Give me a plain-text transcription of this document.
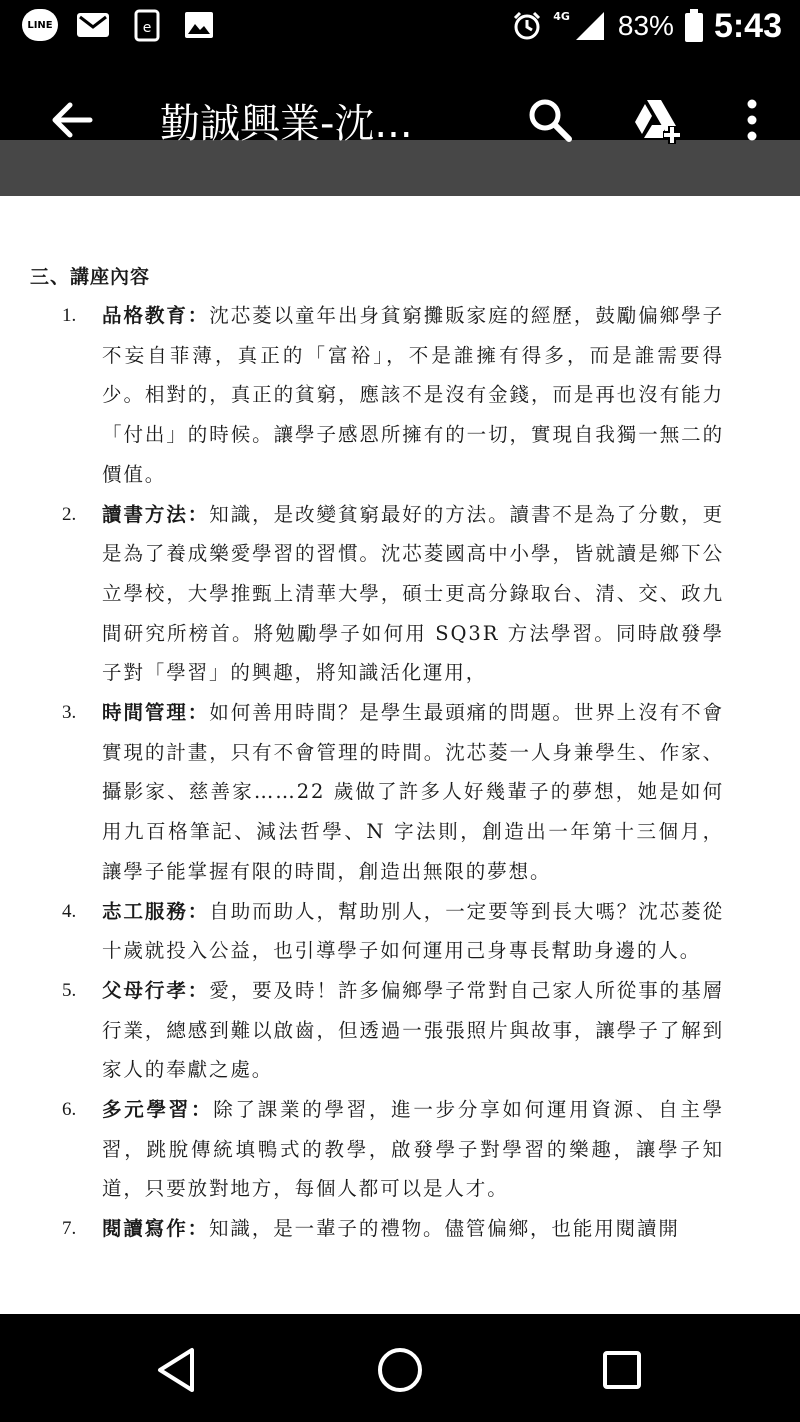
LINE	e
4G 83% 5:43
勤誠興業-沈...
三、講座內容
1.	品格教育：沈芯菱以童年出身貧窮攤販家庭的經歷，鼓勵偏鄉學子不妄自菲薄，真正的「富裕」，不是誰擁有得多，而是誰需要得少。相對的，真正的貧窮，應該不是沒有金錢，而是再也沒有能力「付出」的時候。讓學子感恩所擁有的一切，實現自我獨一無二的價值。
2.	讀書方法：知識，是改變貧窮最好的方法。讀書不是為了分數，更是為了養成樂愛學習的習慣。沈芯菱國高中小學，皆就讀是鄉下公立學校，大學推甄上清華大學，碩士更高分錄取台、清、交、政九間研究所榜首。將勉勵學子如何用 SQ3R 方法學習。同時啟發學子對「學習」的興趣，將知識活化運用，
3.	時間管理：如何善用時間？是學生最頭痛的問題。世界上沒有不會實現的計畫，只有不會管理的時間。沈芯菱一人身兼學生、作家、攝影家、慈善家……22 歲做了許多人好幾輩子的夢想，她是如何用九百格筆記、減法哲學、N 字法則，創造出一年第十三個月，讓學子能掌握有限的時間，創造出無限的夢想。
4.	志工服務：自助而助人，幫助別人，一定要等到長大嗎？沈芯菱從十歲就投入公益，也引導學子如何運用己身專長幫助身邊的人。
5.	父母行孝：愛，要及時！許多偏鄉學子常對自己家人所從事的基層行業，總感到難以啟齒，但透過一張張照片與故事，讓學子了解到家人的奉獻之處。
6.	多元學習：除了課業的學習，進一步分享如何運用資源、自主學習，跳脫傳統填鴨式的教學，啟發學子對學習的樂趣，讓學子知道，只要放對地方，每個人都可以是人才。
7.	閱讀寫作：知識，是一輩子的禮物。儘管偏鄉，也能用閱讀開
